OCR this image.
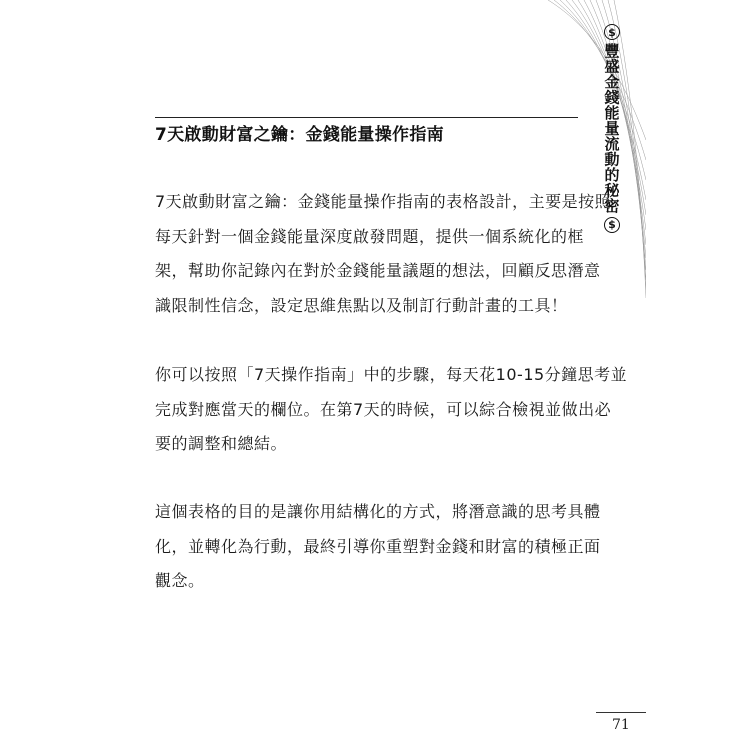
$
豐盛金錢能量流動的秘密
$
7天啟動財富之鑰：金錢能量操作指南

7天啟動財富之鑰：金錢能量操作指南的表格設計，主要是按照
每天針對一個金錢能量深度啟發問題，提供一個系統化的框
架，幫助你記錄內在對於金錢能量議題的想法，回顧反思潛意
識限制性信念，設定思維焦點以及制訂行動計畫的工具！

你可以按照「7天操作指南」中的步驟，每天花10-15分鐘思考並
完成對應當天的欄位。在第7天的時候，可以綜合檢視並做出必
要的調整和總結。

這個表格的目的是讓你用結構化的方式，將潛意識的思考具體
化，並轉化為行動，最終引導你重塑對金錢和財富的積極正面
觀念。

71
